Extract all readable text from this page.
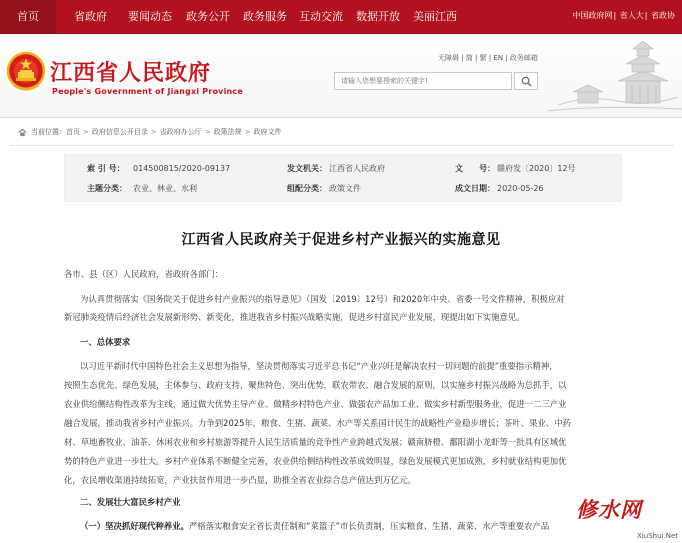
首页	省政府 要闻动态 政务公开 政务服务 互动交流 数据开放 美丽江西	中国政府网| 省人大| 省政协
江西省人民政府
People's Government of Jiangxi Province
无障碍 | 简 | 繁 | EN | 政务邮箱
请输入您想要搜索的关键字!
当前位置： 首页 > 政府信息公开目录 > 省政府办公厅 > 政策法规 > 政府文件
索 引 号： 014500815/2020-09137	发文机关： 江西省人民政府	文　　号： 赣府发〔2020〕12号
主题分类： 农业、林业、水利	组配分类： 政策文件	成文日期： 2020-05-26
江西省人民政府关于促进乡村产业振兴的实施意见
各市、县（区）人民政府，省政府各部门：
为认真贯彻落实《国务院关于促进乡村产业振兴的指导意见》（国发〔2019〕12号）和2020年中央、省委一号文件精神，积极应对
新冠肺炎疫情后经济社会发展新形势、新变化，推进我省乡村振兴战略实施，促进乡村富民产业发展，现提出如下实施意见。
一、总体要求
以习近平新时代中国特色社会主义思想为指导，坚决贯彻落实习近平总书记“产业兴旺是解决农村一切问题的前提”重要指示精神，
按照生态优先、绿色发展，主体参与、政府支持，聚焦特色、突出优势，联农带农、融合发展的原则，以实施乡村振兴战略为总抓手，以
农业供给侧结构性改革为主线，通过做大优势主导产业、做精乡村特色产业、做强农产品加工业、做实乡村新型服务业，促进一二三产业
融合发展，推动我省乡村产业振兴。力争到2025年，粮食、生猪、蔬菜、水产等关系国计民生的战略性产业稳步增长；茶叶、果业、中药
材、草地畜牧业、油茶、休闲农业和乡村旅游等提升人民生活质量的竞争性产业跨越式发展；赣南脐橙、鄱阳湖小龙虾等一批具有区域优
势的特色产业进一步壮大。乡村产业体系不断健全完善，农业供给侧结构性改革成效明显，绿色发展模式更加成熟，乡村就业结构更加优
化，农民增收渠道持续拓宽，产业扶贫作用进一步凸显，助推全省农业综合总产值达到万亿元。
二、发展壮大富民乡村产业
（一）坚决抓好现代种养业。严格落实粮食安全省长责任制和“菜篮子”市长负责制，压实粮食、生猪、蔬菜、水产等重要农产品
修水网
XiuShui.Net
